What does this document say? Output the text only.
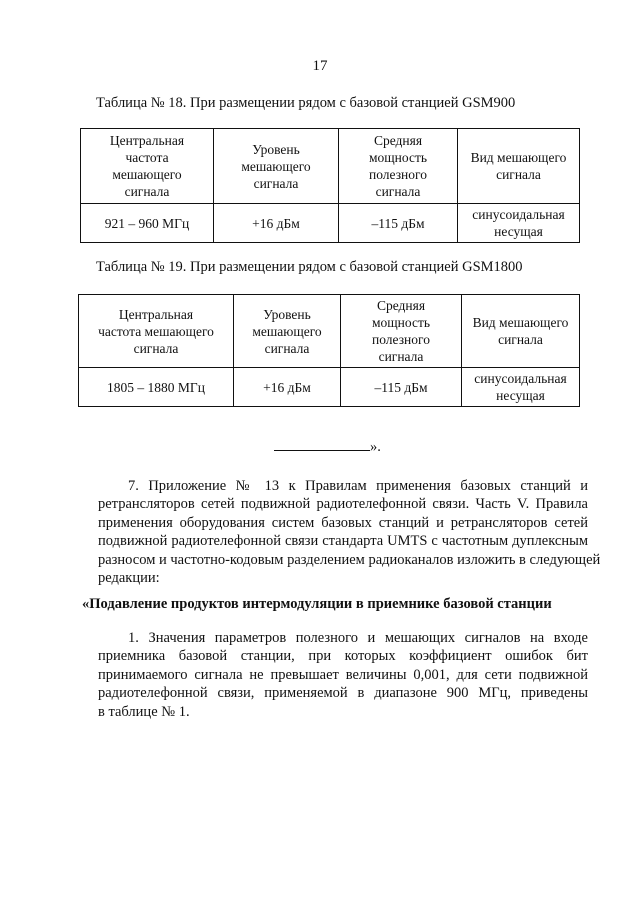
17
Таблица № 18. При размещении рядом с базовой станцией GSM900
Центральная
частота
мешающего
сигнала	Уровень
мешающего
сигнала	Средняя
мощность
полезного
сигнала	Вид мешающего
сигнала
921 – 960 МГц	+16 дБм	–115 дБм	синусоидальная
несущая
Таблица № 19. При размещении рядом с базовой станцией GSM1800
Центральная
частота мешающего
сигнала	Уровень
мешающего
сигнала	Средняя
мощность
полезного
сигнала	Вид мешающего
сигнала
1805 – 1880 МГц	+16 дБм	–115 дБм	синусоидальная
несущая
».
7. Приложение № 13 к Правилам применения базовых станций и
ретрансляторов сетей подвижной радиотелефонной связи. Часть V. Правила
применения оборудования систем базовых станций и ретрансляторов сетей
подвижной радиотелефонной связи стандарта UMTS с частотным дуплексным
разносом и частотно-кодовым разделением радиоканалов изложить в следующей
редакции:
«Подавление продуктов интермодуляции в приемнике базовой станции
1. Значения параметров полезного и мешающих сигналов на входе
приемника базовой станции, при которых коэффициент ошибок бит
принимаемого сигнала не превышает величины 0,001, для сети подвижной
радиотелефонной связи, применяемой в диапазоне 900 МГц, приведены
в таблице № 1.
